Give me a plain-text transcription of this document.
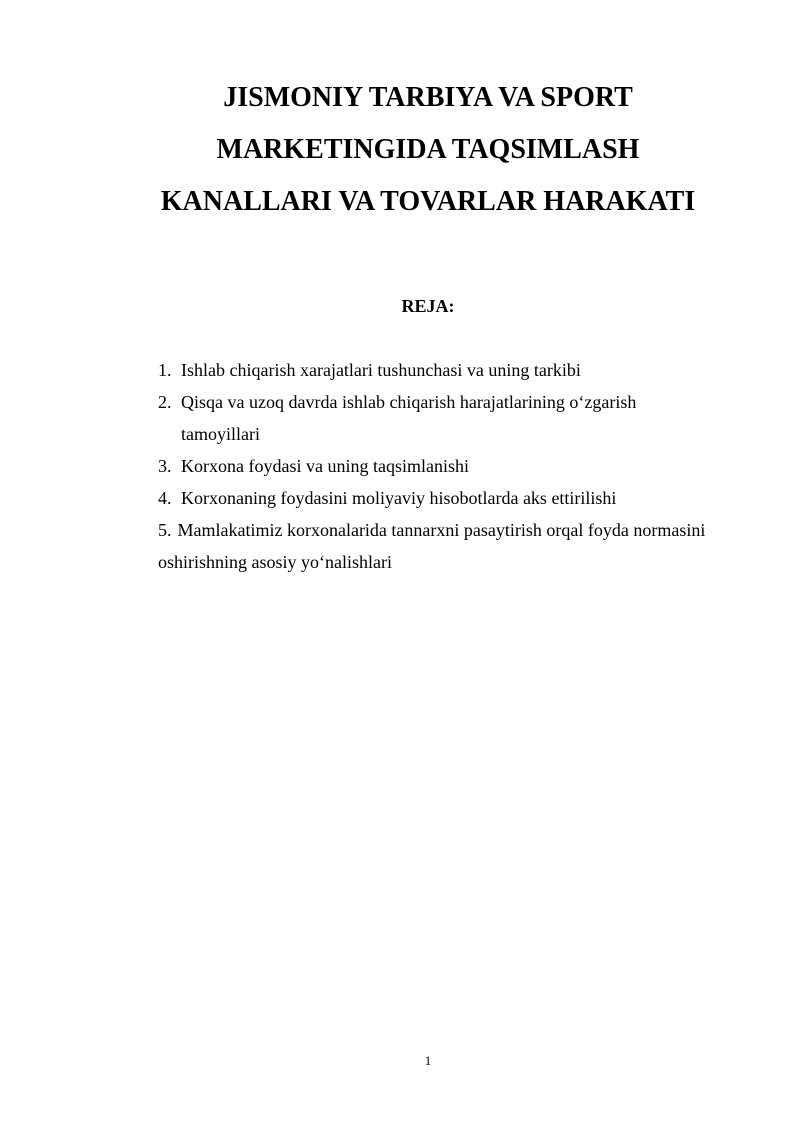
JISMONIY TARBIYA VA SPORT
MARKETINGIDA TAQSIMLASH
KANALLARI VA TOVARLAR HARAKATI
REJA:
1. Ishlab chiqarish xarajatlari tushunchasi va uning tarkibi
2. Qisqa va uzoq davrda ishlab chiqarish harajatlarining o‘zgarish tamoyillari
3. Korxona foydasi va uning taqsimlanishi
4. Korxonaning foydasini moliyaviy hisobotlarda aks ettirilishi
5. Mamlakatimiz korxonalarida tannarxni pasaytirish orqal foyda normasini oshirishning asosiy yo‘nalishlari
1
